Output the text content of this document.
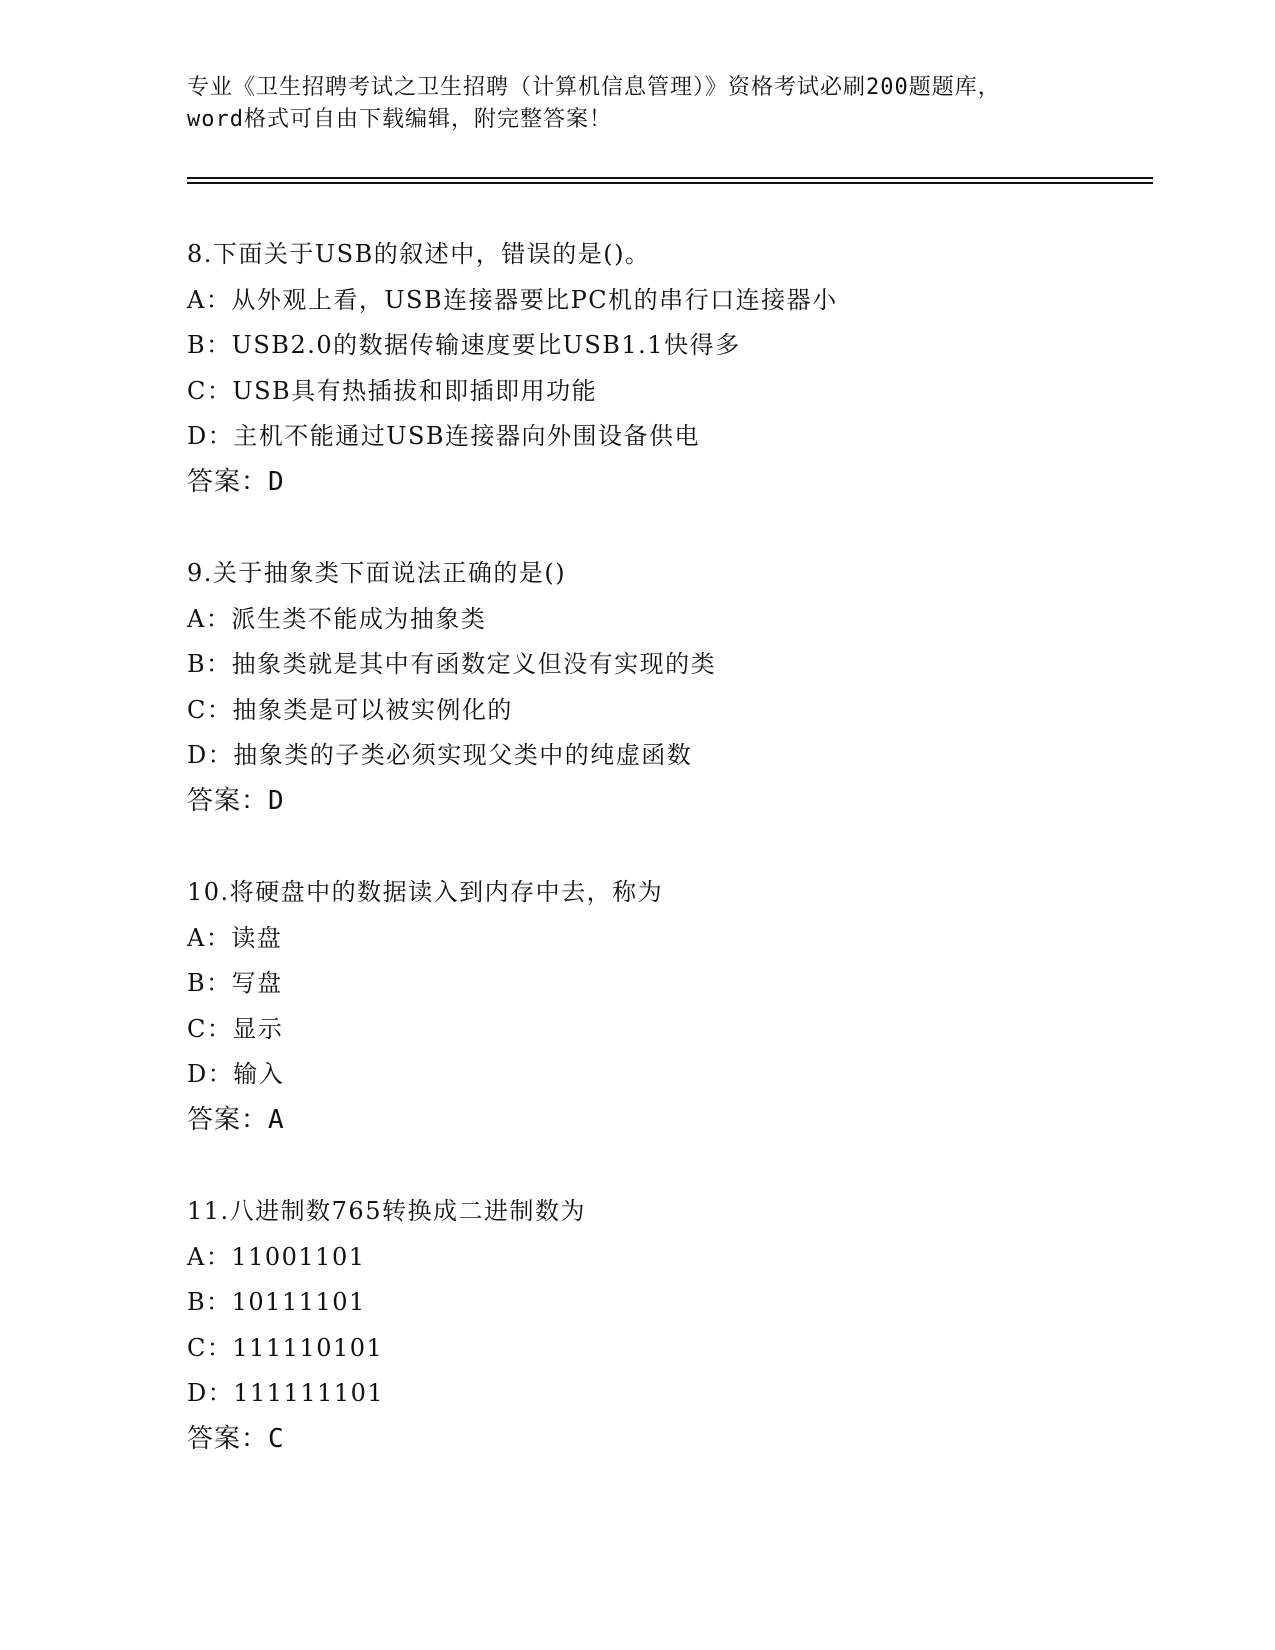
专业《卫生招聘考试之卫生招聘（计算机信息管理）》资格考试必刷200题题库，
word格式可自由下载编辑，附完整答案！
8.下面关于USB的叙述中，错误的是()。
A：从外观上看，USB连接器要比PC机的串行口连接器小
B：USB2.0的数据传输速度要比USB1.1快得多
C：USB具有热插拔和即插即用功能
D：主机不能通过USB连接器向外围设备供电
答案：D
9.关于抽象类下面说法正确的是()
A：派生类不能成为抽象类
B：抽象类就是其中有函数定义但没有实现的类
C：抽象类是可以被实例化的
D：抽象类的子类必须实现父类中的纯虚函数
答案：D
10.将硬盘中的数据读入到内存中去，称为
A：读盘
B：写盘
C：显示
D：输入
答案：A
11.八进制数765转换成二进制数为
A：11001101
B：10111101
C：111110101
D：111111101
答案：C
